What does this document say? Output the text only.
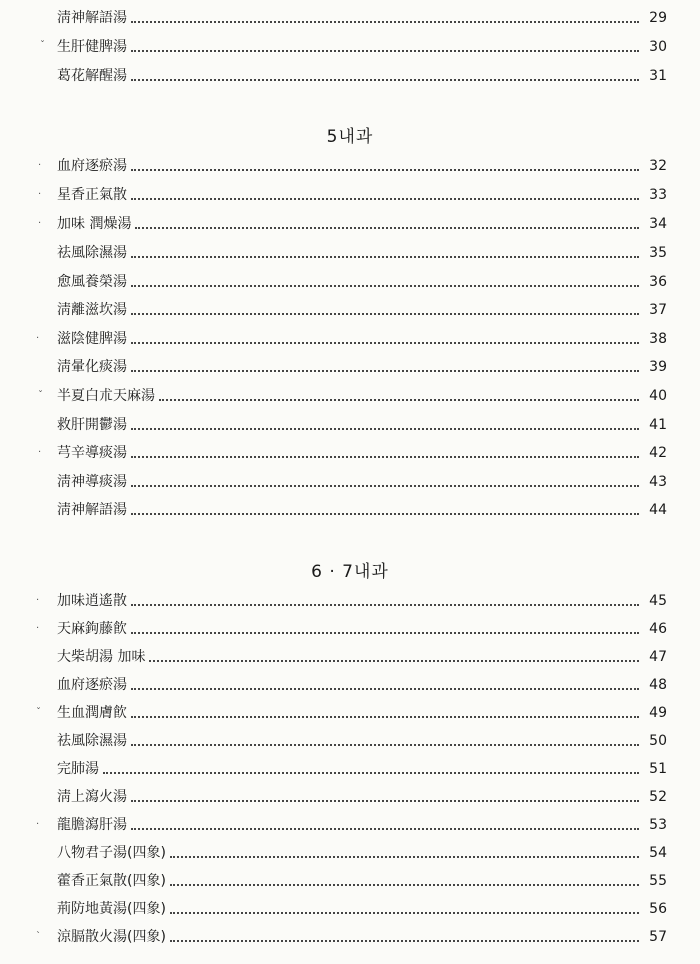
淸神解語湯	29
生肝健脾湯	30
葛花解醒湯	31
5내과
血府逐瘀湯	32
星香正氣散	33
加味 潤燥湯	34
祛風除濕湯	35
愈風養榮湯	36
淸離滋坎湯	37
滋陰健脾湯	38
淸暈化痰湯	39
半夏白朮天麻湯	40
救肝開鬱湯	41
芎辛導痰湯	42
淸神導痰湯	43
淸神解語湯	44
6 · 7내과
加味逍遙散	45
天麻鉤藤飮	46
大柴胡湯 加味	47
血府逐瘀湯	48
生血潤膚飮	49
祛風除濕湯	50
完肺湯	51
淸上瀉火湯	52
龍膽瀉肝湯	53
八物君子湯(四象)	54
藿香正氣散(四象)	55
荊防地黃湯(四象)	56
涼膈散火湯(四象)	57
ˇ
·
·
·
·
ˇ
·
·
·
ˇ
·
ˋ
